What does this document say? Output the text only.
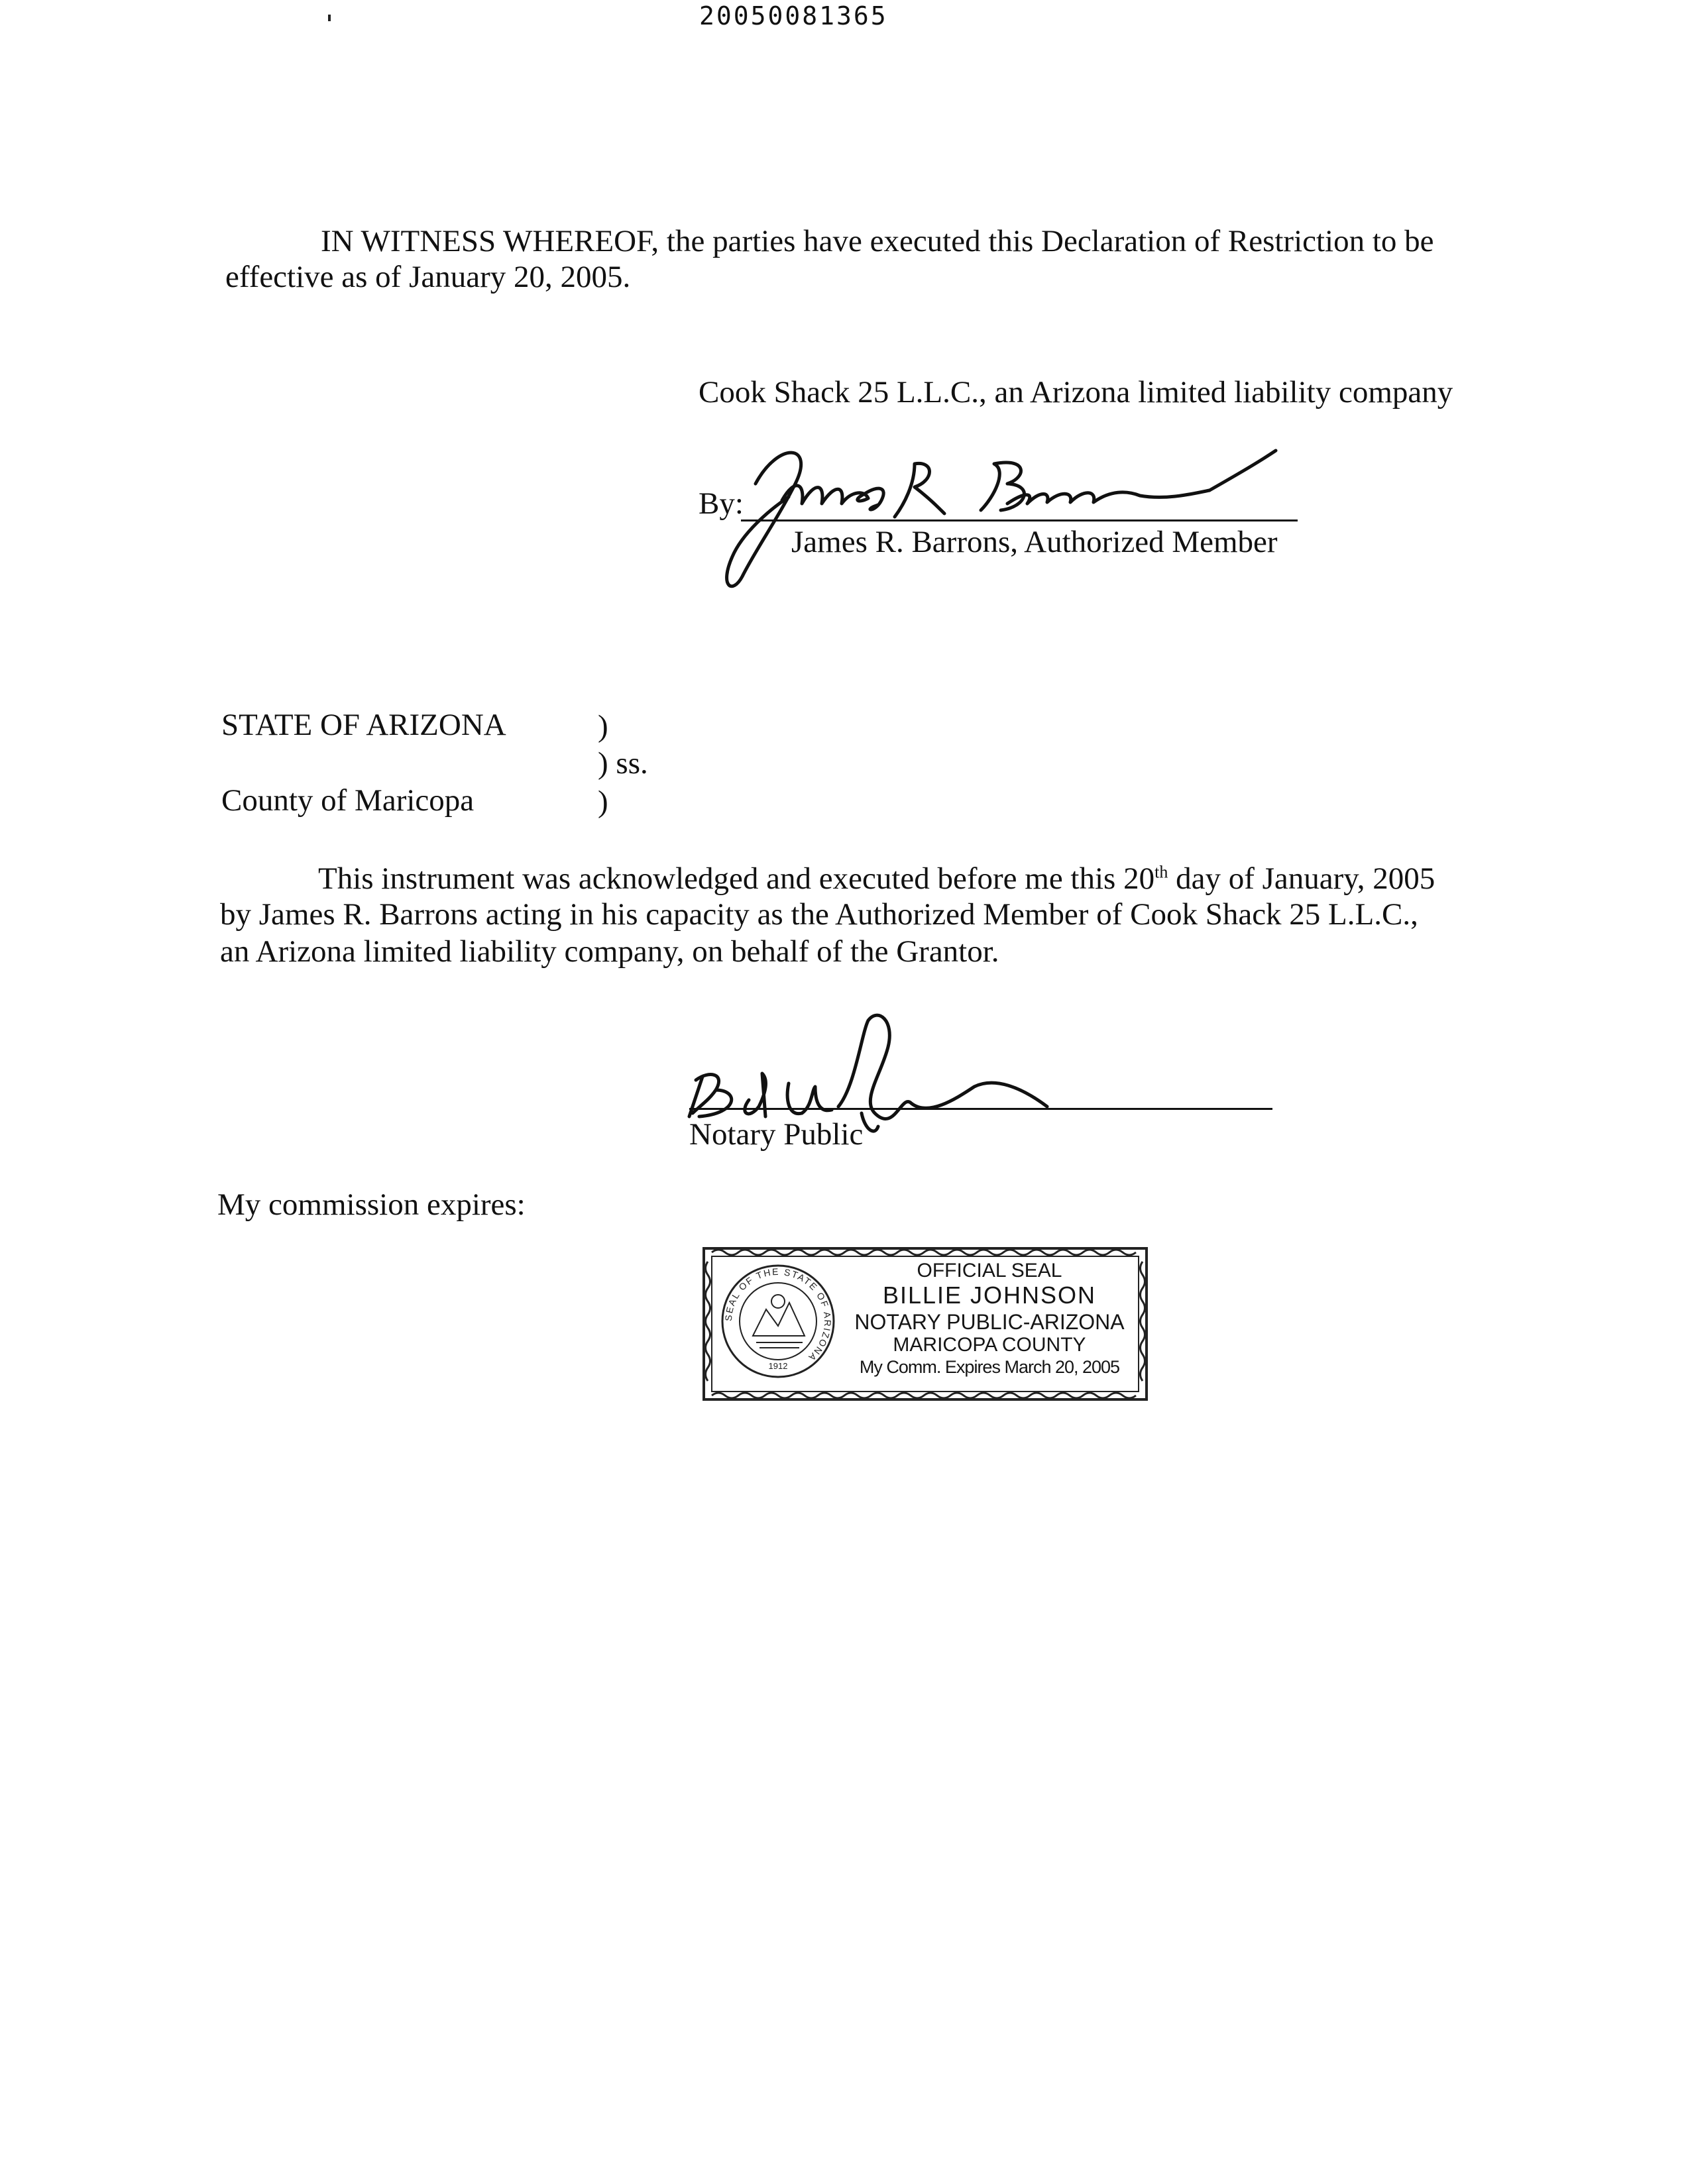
20050081365
IN WITNESS WHEREOF, the parties have executed this Declaration of Restriction to be
effective as of January 20, 2005.
Cook Shack 25 L.L.C., an Arizona limited liability company
By:
James R. Barrons, Authorized Member
STATE OF ARIZONA	)
) ss.
County of Maricopa	)
This instrument was acknowledged and executed before me this 20th day of January, 2005
by James R. Barrons acting in his capacity as the Authorized Member of Cook Shack 25 L.L.C.,
an Arizona limited liability company, on behalf of the Grantor.
Notary Public
My commission expires:
SEAL OF THE STATE OF ARIZONA
1912
OFFICIAL SEAL
BILLIE JOHNSON
NOTARY PUBLIC-ARIZONA
MARICOPA COUNTY
My Comm. Expires March 20, 2005
